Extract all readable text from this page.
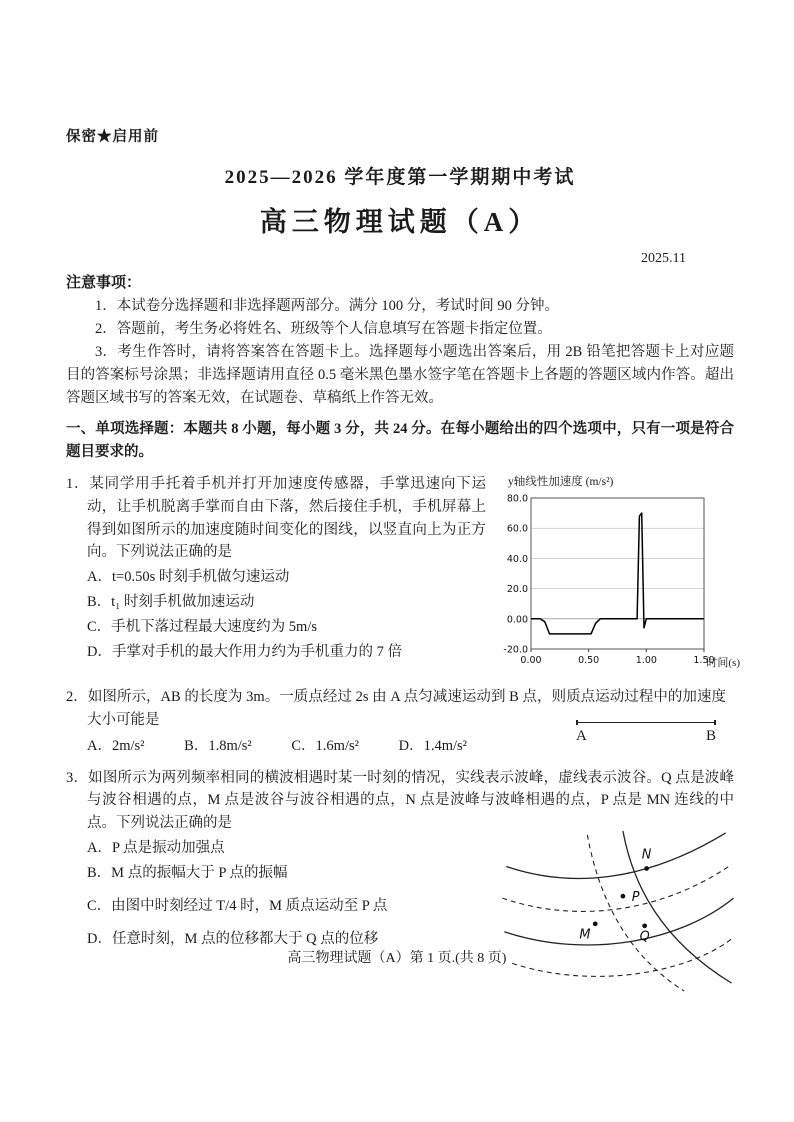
保密★启用前
2025—2026 学年度第一学期期中考试
高三物理试题（A）
2025.11
注意事项：

1．本试卷分选择题和非选择题两部分。满分 100 分，考试时间 90 分钟。

2．答题前，考生务必将姓名、班级等个人信息填写在答题卡指定位置。

3．考生作答时，请将答案答在答题卡上。选择题每小题选出答案后，用 2B 铅笔把答题卡上对应题目的答案标号涂黑；非选择题请用直径 0.5 毫米黑色墨水签字笔在答题卡上各题的答题区域内作答。超出答题区域书写的答案无效，在试题卷、草稿纸上作答无效。

一、单项选择题：本题共 8 小题，每小题 3 分，共 24 分。在每小题给出的四个选项中，只有一项是符合题目要求的。

1．某同学用手托着手机并打开加速度传感器，手掌迅速向下运动，让手机脱离手掌而自由下落，然后接住手机，手机屏幕上得到如图所示的加速度随时间变化的图线，以竖直向上为正方向。下列说法正确的是

A．t=0.50s 时刻手机做匀速运动

B．t₁ 时刻手机做加速运动

C．手机下落过程最大速度约为 5m/s

D．手掌对手机的最大作用力约为手机重力的 7 倍

y轴线性加速度 (m/s²)
80.0
60.0
40.0
20.0
0.00
-20.0
0.00	0.50	1.00	1.50
时间(s)

2．如图所示，AB 的长度为 3m。一质点经过 2s 由 A 点匀减速运动到 B 点，则质点运动过程中的加速度大小可能是

A．2m/s²	B．1.8m/s²	C．1.6m/s²	D．1.4m/s²

A	B

3．如图所示为两列频率相同的横波相遇时某一时刻的情况，实线表示波峰，虚线表示波谷。Q 点是波峰与波谷相遇的点，M 点是波谷与波谷相遇的点，N 点是波峰与波峰相遇的点，P 点是 MN 连线的中点。下列说法正确的是

A．P 点是振动加强点

B．M 点的振幅大于 P 点的振幅

C．由图中时刻经过 T/4 时，M 质点运动至 P 点

D．任意时刻，M 点的位移都大于 Q 点的位移

N
P
M	Q
高三物理试题（A）第 1 页.(共 8 页)
